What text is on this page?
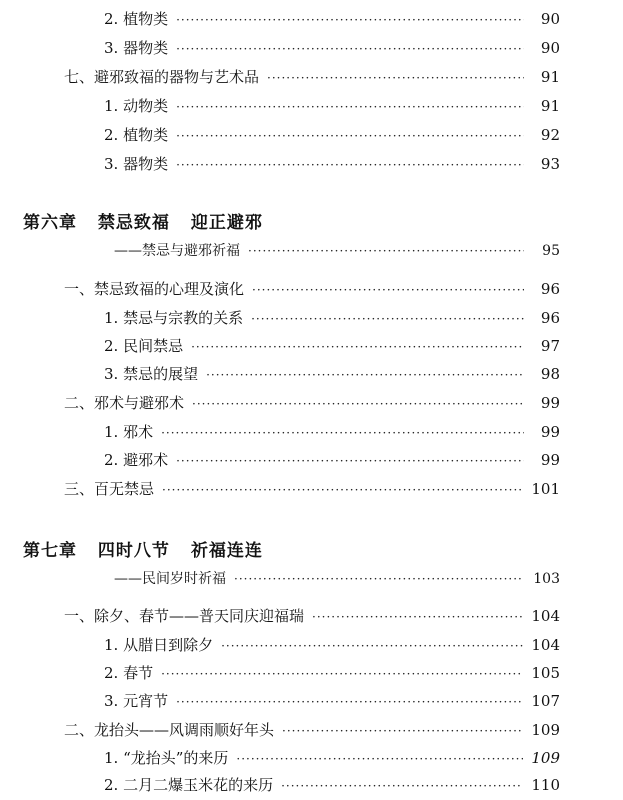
2. 植物类 ·····	90
3. 器物类 ·····	90
七、避邪致福的器物与艺术品 ·····	91
1. 动物类 ·····	91
2. 植物类 ·····	92
3. 器物类 ·····	93
第六章 禁忌致福 迎正避邪
——禁忌与避邪祈福 ·····	95
一、禁忌致福的心理及演化 ·····	96
1. 禁忌与宗教的关系 ·····	96
2. 民间禁忌 ·····	97
3. 禁忌的展望 ·····	98
二、邪术与避邪术 ·····	99
1. 邪术 ·····	99
2. 避邪术 ·····	99
三、百无禁忌 ·····	101
第七章 四时八节 祈福连连
——民间岁时祈福 ·····	103
一、除夕、春节——普天同庆迎福瑞 ·····	104
1. 从腊日到除夕 ·····	104
2. 春节 ·····	105
3. 元宵节 ·····	107
二、龙抬头——风调雨顺好年头 ·····	109
1. “龙抬头”的来历 ·····	109
2. 二月二爆玉米花的来历 ·····	110
